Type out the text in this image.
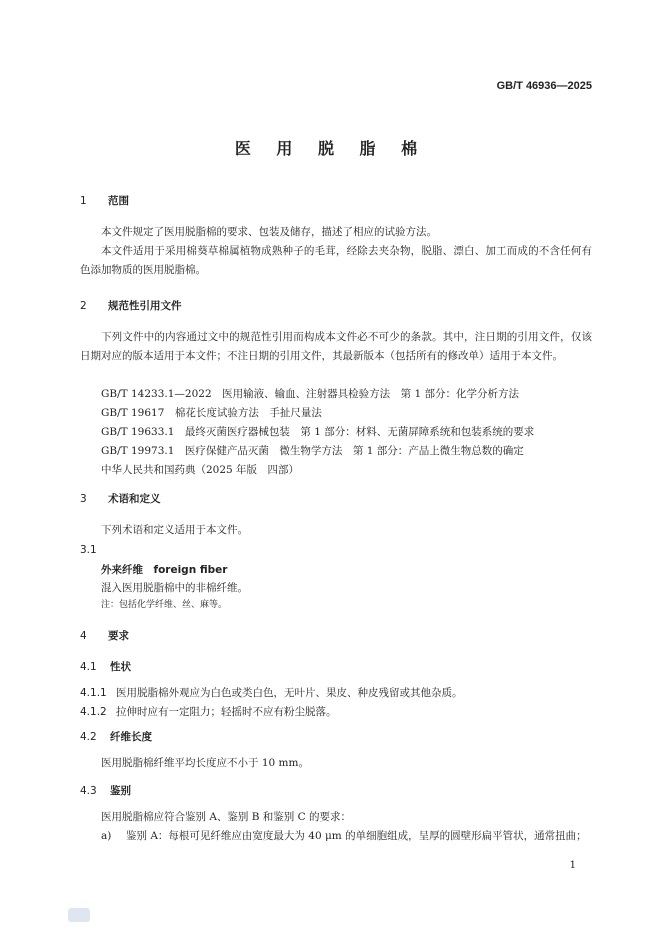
GB/T 46936—2025
医 用 脱 脂 棉
1 范围
本文件规定了医用脱脂棉的要求、包装及储存，描述了相应的试验方法。
本文件适用于采用棉葵草棉属植物成熟种子的毛茸，经除去夹杂物，脱脂、漂白、加工而成的不含任何有色添加物质的医用脱脂棉。
2 规范性引用文件
下列文件中的内容通过文中的规范性引用而构成本文件必不可少的条款。其中，注日期的引用文件，仅该日期对应的版本适用于本文件；不注日期的引用文件，其最新版本（包括所有的修改单）适用于本文件。
GB/T 14233.1—2022　医用输液、输血、注射器具检验方法　第 1 部分：化学分析方法
GB/T 19617　棉花长度试验方法　手扯尺量法
GB/T 19633.1　最终灭菌医疗器械包装　第 1 部分：材料、无菌屏障系统和包装系统的要求
GB/T 19973.1　医疗保健产品灭菌　微生物学方法　第 1 部分：产品上微生物总数的确定
中华人民共和国药典（2025 年版　四部）
3 术语和定义
下列术语和定义适用于本文件。
3.1
外来纤维　foreign fiber
混入医用脱脂棉中的非棉纤维。
注：包括化学纤维、丝、麻等。
4 要求
4.1 性状
4.1.1 医用脱脂棉外观应为白色或类白色，无叶片、果皮、种皮残留或其他杂质。
4.1.2 拉伸时应有一定阻力；轻摇时不应有粉尘脱落。
4.2 纤维长度
医用脱脂棉纤维平均长度应不小于 10 mm。
4.3 鉴别
医用脱脂棉应符合鉴别 A、鉴别 B 和鉴别 C 的要求：
a) 鉴别 A：每根可见纤维应由宽度最大为 40 μm 的单细胞组成，呈厚的圆壁形扁平管状，通常扭曲；
1
